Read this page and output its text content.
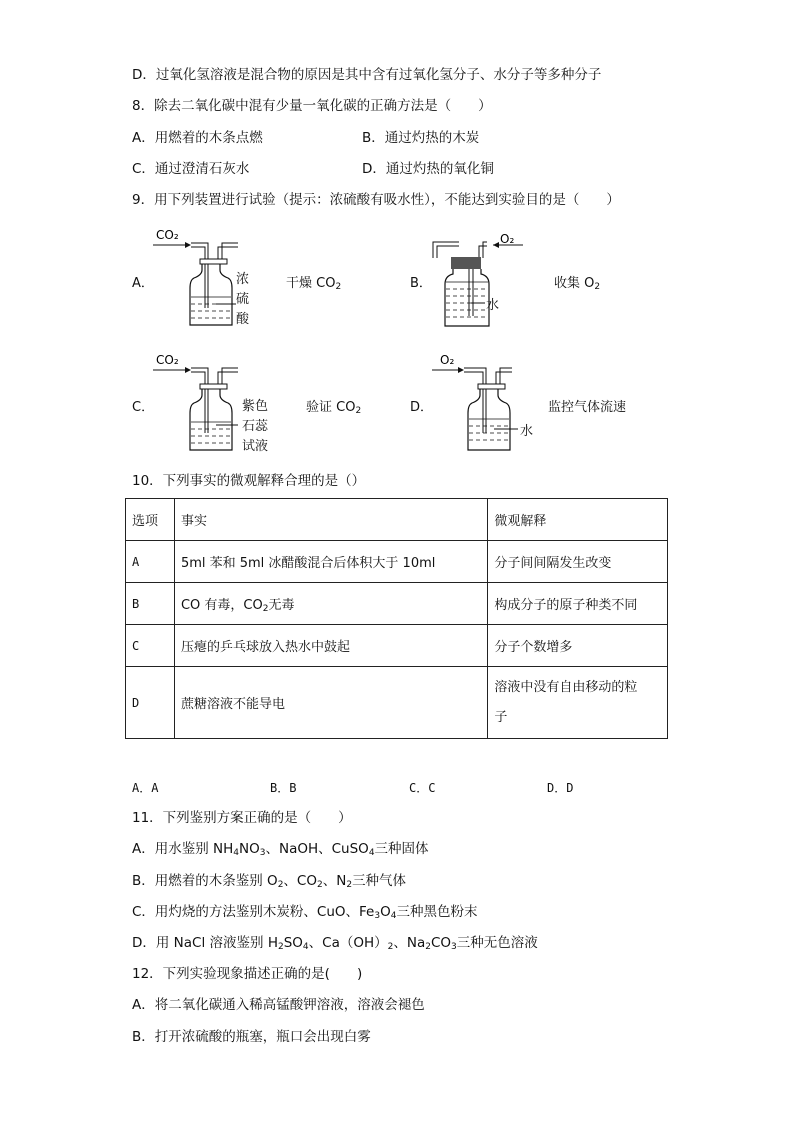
D．过氧化氢溶液是混合物的原因是其中含有过氧化氢分子、水分子等多种分子
8．除去二氧化碳中混有少量一氧化碳的正确方法是（　　）
A．用燃着的木条点燃	B．通过灼热的木炭
C．通过澄清石灰水	D．通过灼热的氧化铜
9．用下列装置进行试验（提示：浓硫酸有吸水性），不能达到实验目的是（　　）
A．
CO₂
浓
硫
酸
干燥 $CO_2$	B．
O₂
水
收集 $O_2$
C．
CO₂
紫色
石蕊
试液
验证 $CO_2$	D．
O₂
水
监控气体流速
10．下列事实的微观解释合理的是（）
选项	事实	微观解释
A	5ml 苯和 5ml 冰醋酸混合后体积大于 10ml	分子间间隔发生改变
B	CO 有毒，$CO_2$无毒	构成分子的原子种类不同
C	压瘪的乒乓球放入热水中鼓起	分子个数增多
D	蔗糖溶液不能导电	溶液中没有自由移动的粒
子
A．A	B．B	C．C	D．D
11．下列鉴别方案正确的是（　　）
A．用水鉴别 $NH_4NO_3$、NaOH、CuSO$_4$三种固体
B．用燃着的木条鉴别 $O_2$、$CO_2$、$N_2$三种气体
C．用灼烧的方法鉴别木炭粉、CuO、$Fe_3O_4$三种黑色粉末
D．用 NaCl 溶液鉴别 $H_2SO_4$、$Ca(OH)_2$、$Na_2CO_3$三种无色溶液
12．下列实验现象描述正确的是(　　)
A．将二氧化碳通入稀高锰酸钾溶液，溶液会褪色
B．打开浓硫酸的瓶塞，瓶口会出现白雾
